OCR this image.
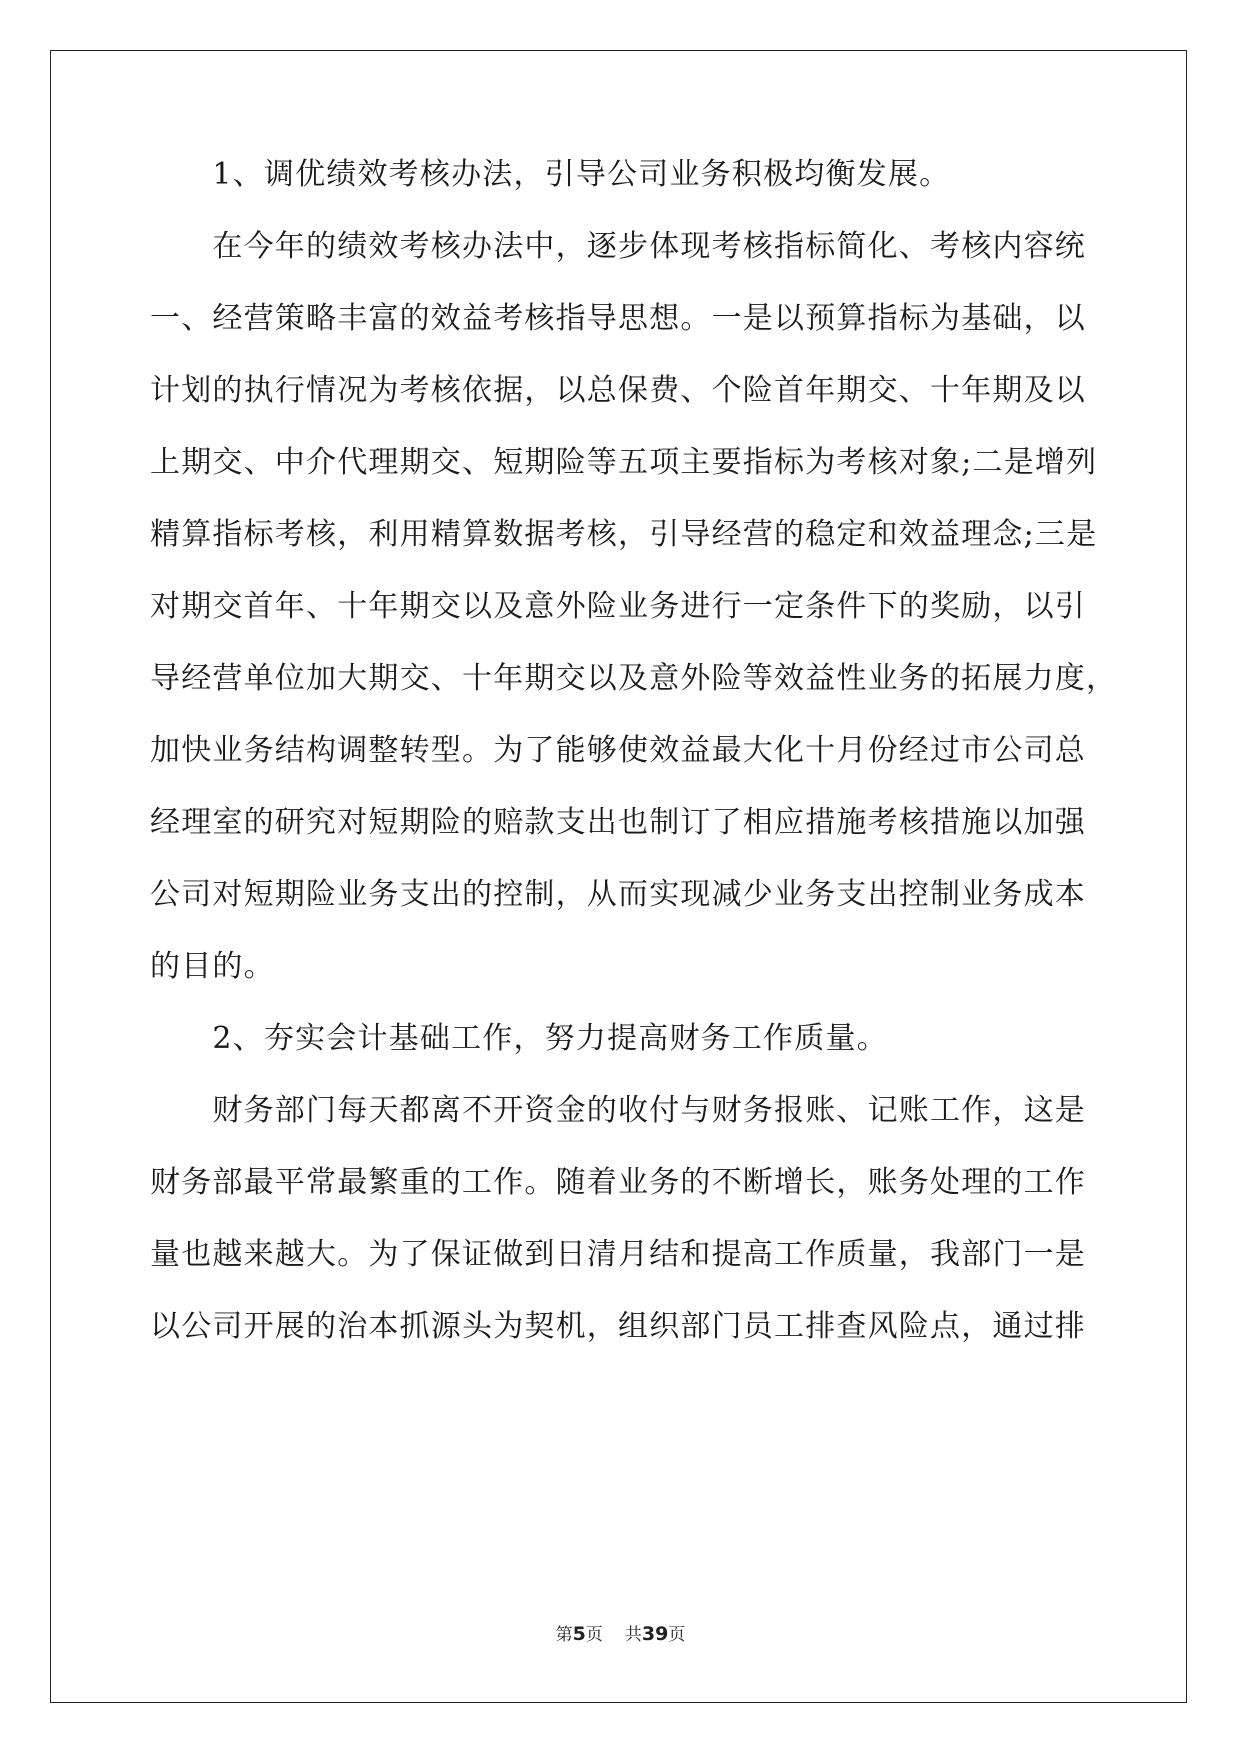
　　1、调优绩效考核办法，引导公司业务积极均衡发展。
　　在今年的绩效考核办法中，逐步体现考核指标简化、考核内容统
一、经营策略丰富的效益考核指导思想。一是以预算指标为基础，以
计划的执行情况为考核依据，以总保费、个险首年期交、十年期及以
上期交、中介代理期交、短期险等五项主要指标为考核对象;二是增列
精算指标考核，利用精算数据考核，引导经营的稳定和效益理念;三是
对期交首年、十年期交以及意外险业务进行一定条件下的奖励，以引
导经营单位加大期交、十年期交以及意外险等效益性业务的拓展力度，
加快业务结构调整转型。为了能够使效益最大化十月份经过市公司总
经理室的研究对短期险的赔款支出也制订了相应措施考核措施以加强
公司对短期险业务支出的控制，从而实现减少业务支出控制业务成本
的目的。
　　2、夯实会计基础工作，努力提高财务工作质量。
　　财务部门每天都离不开资金的收付与财务报账、记账工作，这是
财务部最平常最繁重的工作。随着业务的不断增长，账务处理的工作
量也越来越大。为了保证做到日清月结和提高工作质量，我部门一是
以公司开展的治本抓源头为契机，组织部门员工排查风险点，通过排
第5页 共39页
